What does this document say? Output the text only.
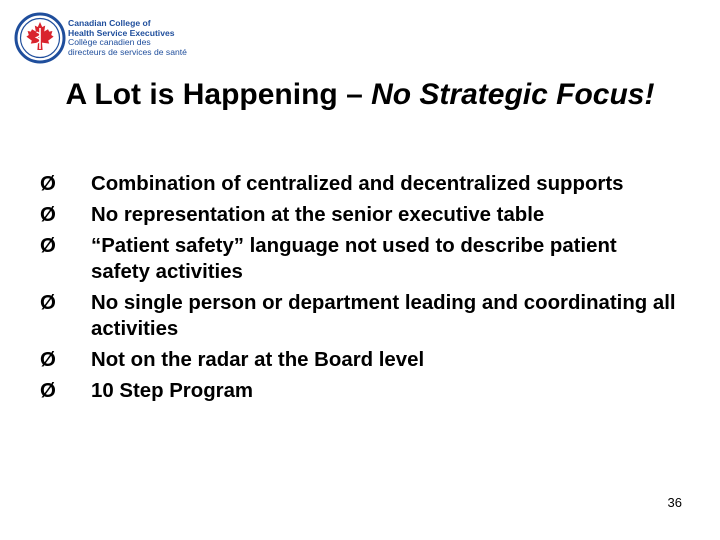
Canadian College of
Health Service Executives
Collège canadien des
directeurs de services de santé
A Lot is Happening – No Strategic Focus!
Ø Combination of centralized and decentralized supports
Ø No representation at the senior executive table
Ø “Patient safety” language not used to describe patient safety activities
Ø No single person or department leading and coordinating all activities
Ø Not on the radar at the Board level
Ø 10 Step Program
36
